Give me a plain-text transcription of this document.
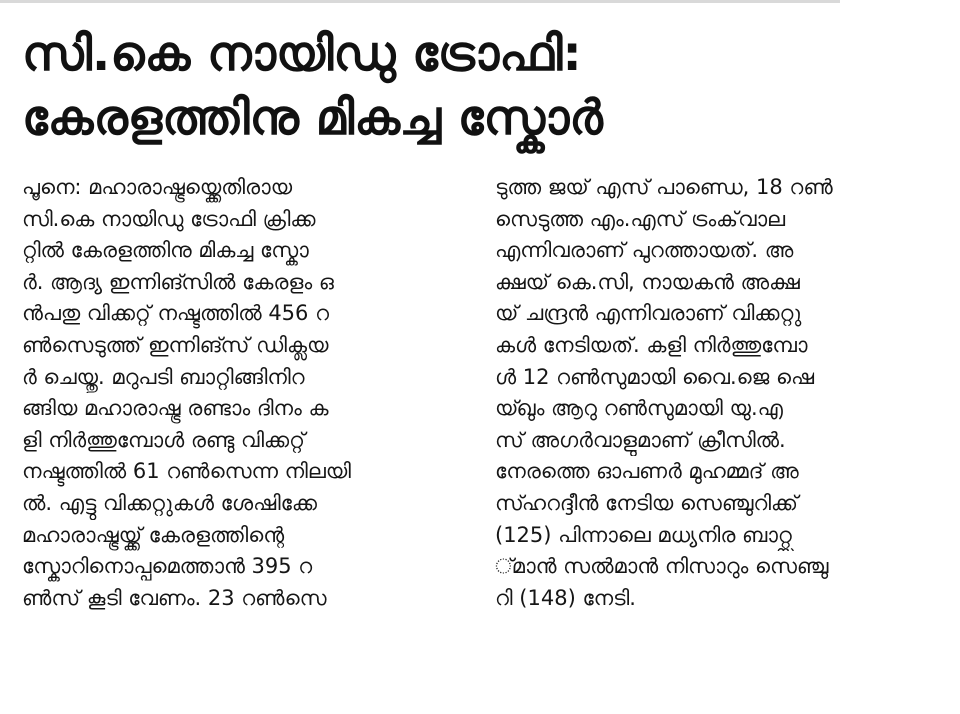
സി.കെ നായിഡു ട്രോഫി:
കേരളത്തിനു മികച്ച സ്കോർ
പൂനെ: മഹാരാഷ്ട്രയ്ക്കെതിരായ
സി.കെ നായിഡു ട്രോഫി ക്രിക്ക
റ്റിൽ കേരളത്തിനു മികച്ച സ്കോ
ർ. ആദ്യ ഇന്നിങ്സിൽ കേരളം ഒ
ൻപതു വിക്കറ്റ് നഷ്ടത്തിൽ 456 റ
ൺസെടുത്ത് ഇന്നിങ്സ് ഡിക്ലയ
ർ ചെയ്തു. മറുപടി ബാറ്റിങ്ങിനിറ
ങ്ങിയ മഹാരാഷ്ട്ര രണ്ടാം ദിനം ക
ളി നിർത്തുമ്പോൾ രണ്ടു വിക്കറ്റ്
നഷ്ടത്തിൽ 61 റൺസെന്ന നിലയി
ൽ. എട്ടു വിക്കറ്റുകൾ ശേഷിക്കേ
മഹാരാഷ്ട്രയ്ക്ക് കേരളത്തിന്റെ
സ്കോറിനൊപ്പമെത്താൻ 395 റ
ൺസ് കൂടി വേണം. 23 റൺസെ
ടുത്ത ജയ് എസ് പാണ്ഡെ, 18 റൺ
സെടുത്ത എം.എസ് ട്രംക്‌വാല
എന്നിവരാണ് പുറത്തായത്. അ
ക്ഷയ് കെ.സി, നായകൻ അക്ഷ
യ് ചന്ദ്രൻ എന്നിവരാണ് വിക്കറ്റു
കൾ നേടിയത്. കളി നിർത്തുമ്പോ
ൾ 12 റൺസുമായി വൈ.ജെ ഷെ
യ്ഖും ആറു റൺസുമായി യു.എ
സ് അഗർവാളുമാണ് ക്രീസിൽ.
നേരത്തെ ഓപണർ മുഹമ്മദ് അ
സ്ഹറദ്ദീൻ നേടിയ സെഞ്ചുറിക്ക്
(125) പിന്നാലെ മധ്യനിര ബാറ്റ്സ
്മാൻ സൽമാൻ നിസാറും സെഞ്ചു
റി (148) നേടി.
